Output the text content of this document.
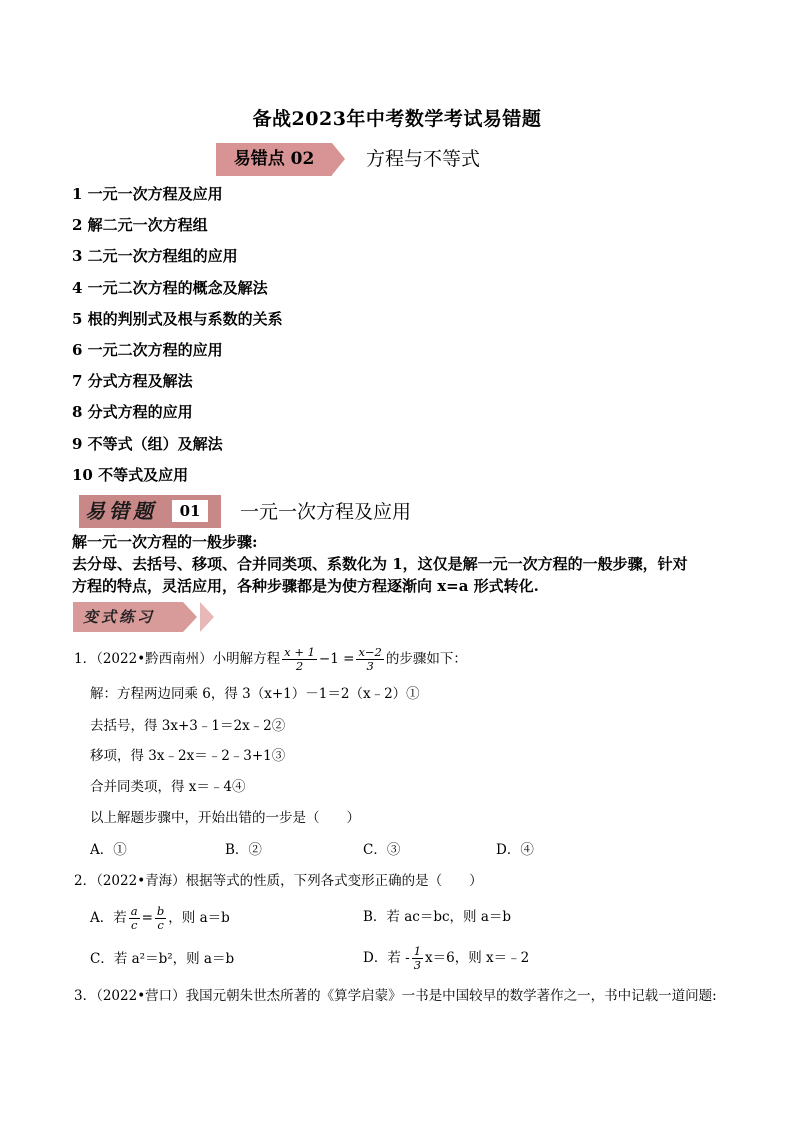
备战2023年中考数学考试易错题
易错点 02	方程与不等式
1 一元一次方程及应用
2 解二元一次方程组
3 二元一次方程组的应用
4 一元二次方程的概念及解法
5 根的判别式及根与系数的关系
6 一元二次方程的应用
7 分式方程及解法
8 分式方程的应用
9 不等式（组）及解法
10 不等式及应用
易错题	01	一元一次方程及应用
解一元一次方程的一般步骤:
去分母、去括号、移项、合并同类项、系数化为 1，这仅是解一元一次方程的一般步骤，针对
方程的特点，灵活应用，各种步骤都是为使方程逐渐向 x=a 形式转化.
变式练习
1．（2022•黔西南州）小明解方程 $\frac{x + 1}{2} -1 = \frac{x-2}{3}$ 的步骤如下：
解：方程两边同乘 6，得 3（x+1）－1＝2（x﹣2）①
去括号，得 3x+3﹣1＝2x﹣2②
移项，得 3x﹣2x＝﹣2﹣3+1③
合并同类项，得 x＝﹣4④
以上解题步骤中，开始出错的一步是（　　）
A．①	B．②	C．③	D．④
2．（2022•青海）根据等式的性质，下列各式变形正确的是（　　）
A．若 $\frac{a}{c} = \frac{b}{c}$ ，则 a＝b	B．若 ac＝bc，则 a＝b
C．若 a²＝b²，则 a＝b	D．若 - $\frac{1}{3} x=6$，则 x＝﹣2
3．（2022•营口）我国元朝朱世杰所著的《算学启蒙》一书是中国较早的数学著作之一，书中记载一道问题:
